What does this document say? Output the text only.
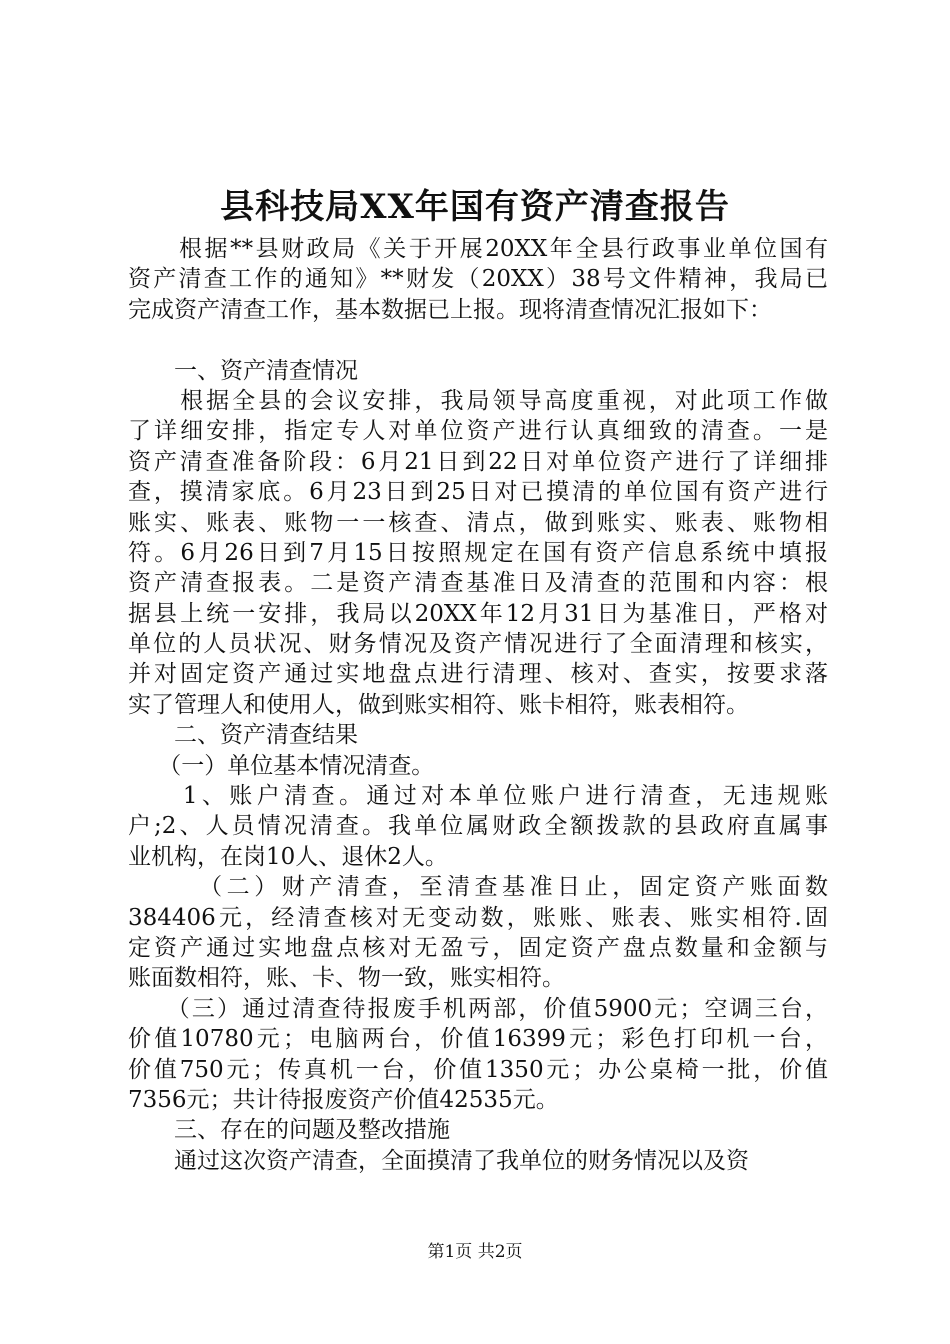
县科技局XX年国有资产清查报告
　　根据**县财政局《关于开展20XX年全县行政事业单位国有
资产清查工作的通知》**财发（20XX）38号文件精神，我局已
完成资产清查工作，基本数据已上报。现将清查情况汇报如下：
　　一、资产清查情况
　　根据全县的会议安排，我局领导高度重视，对此项工作做
了详细安排，指定专人对单位资产进行认真细致的清查。一是
资产清查准备阶段：6月21日到22日对单位资产进行了详细排
查，摸清家底。6月23日到25日对已摸清的单位国有资产进行
账实、账表、账物一一核查、清点，做到账实、账表、账物相
符。6月26日到7月15日按照规定在国有资产信息系统中填报
资产清查报表。二是资产清查基准日及清查的范围和内容：根
据县上统一安排，我局以20XX年12月31日为基准日，严格对
单位的人员状况、财务情况及资产情况进行了全面清理和核实，
并对固定资产通过实地盘点进行清理、核对、查实，按要求落
实了管理人和使用人，做到账实相符、账卡相符，账表相符。
　　二、资产清查结果
　 （一）单位基本情况清查。
　　1、账户清查。通过对本单位账户进行清查，无违规账
户;2、人员情况清查。我单位属财政全额拨款的县政府直属事
业机构，在岗10人、退休2人。
　　　（二）财产清查，至清查基准日止，固定资产账面数
384406元，经清查核对无变动数，账账、账表、账实相符.固
定资产通过实地盘点核对无盈亏，固定资产盘点数量和金额与
账面数相符，账、卡、物一致，账实相符。
　　（三）通过清查待报废手机两部，价值5900元；空调三台，
价值10780元；电脑两台，价值16399元；彩色打印机一台，
价值750元；传真机一台，价值1350元；办公桌椅一批，价值
7356元；共计待报废资产价值42535元。
　　三、存在的问题及整改措施
　　通过这次资产清查，全面摸清了我单位的财务情况以及资
第1页 共2页
